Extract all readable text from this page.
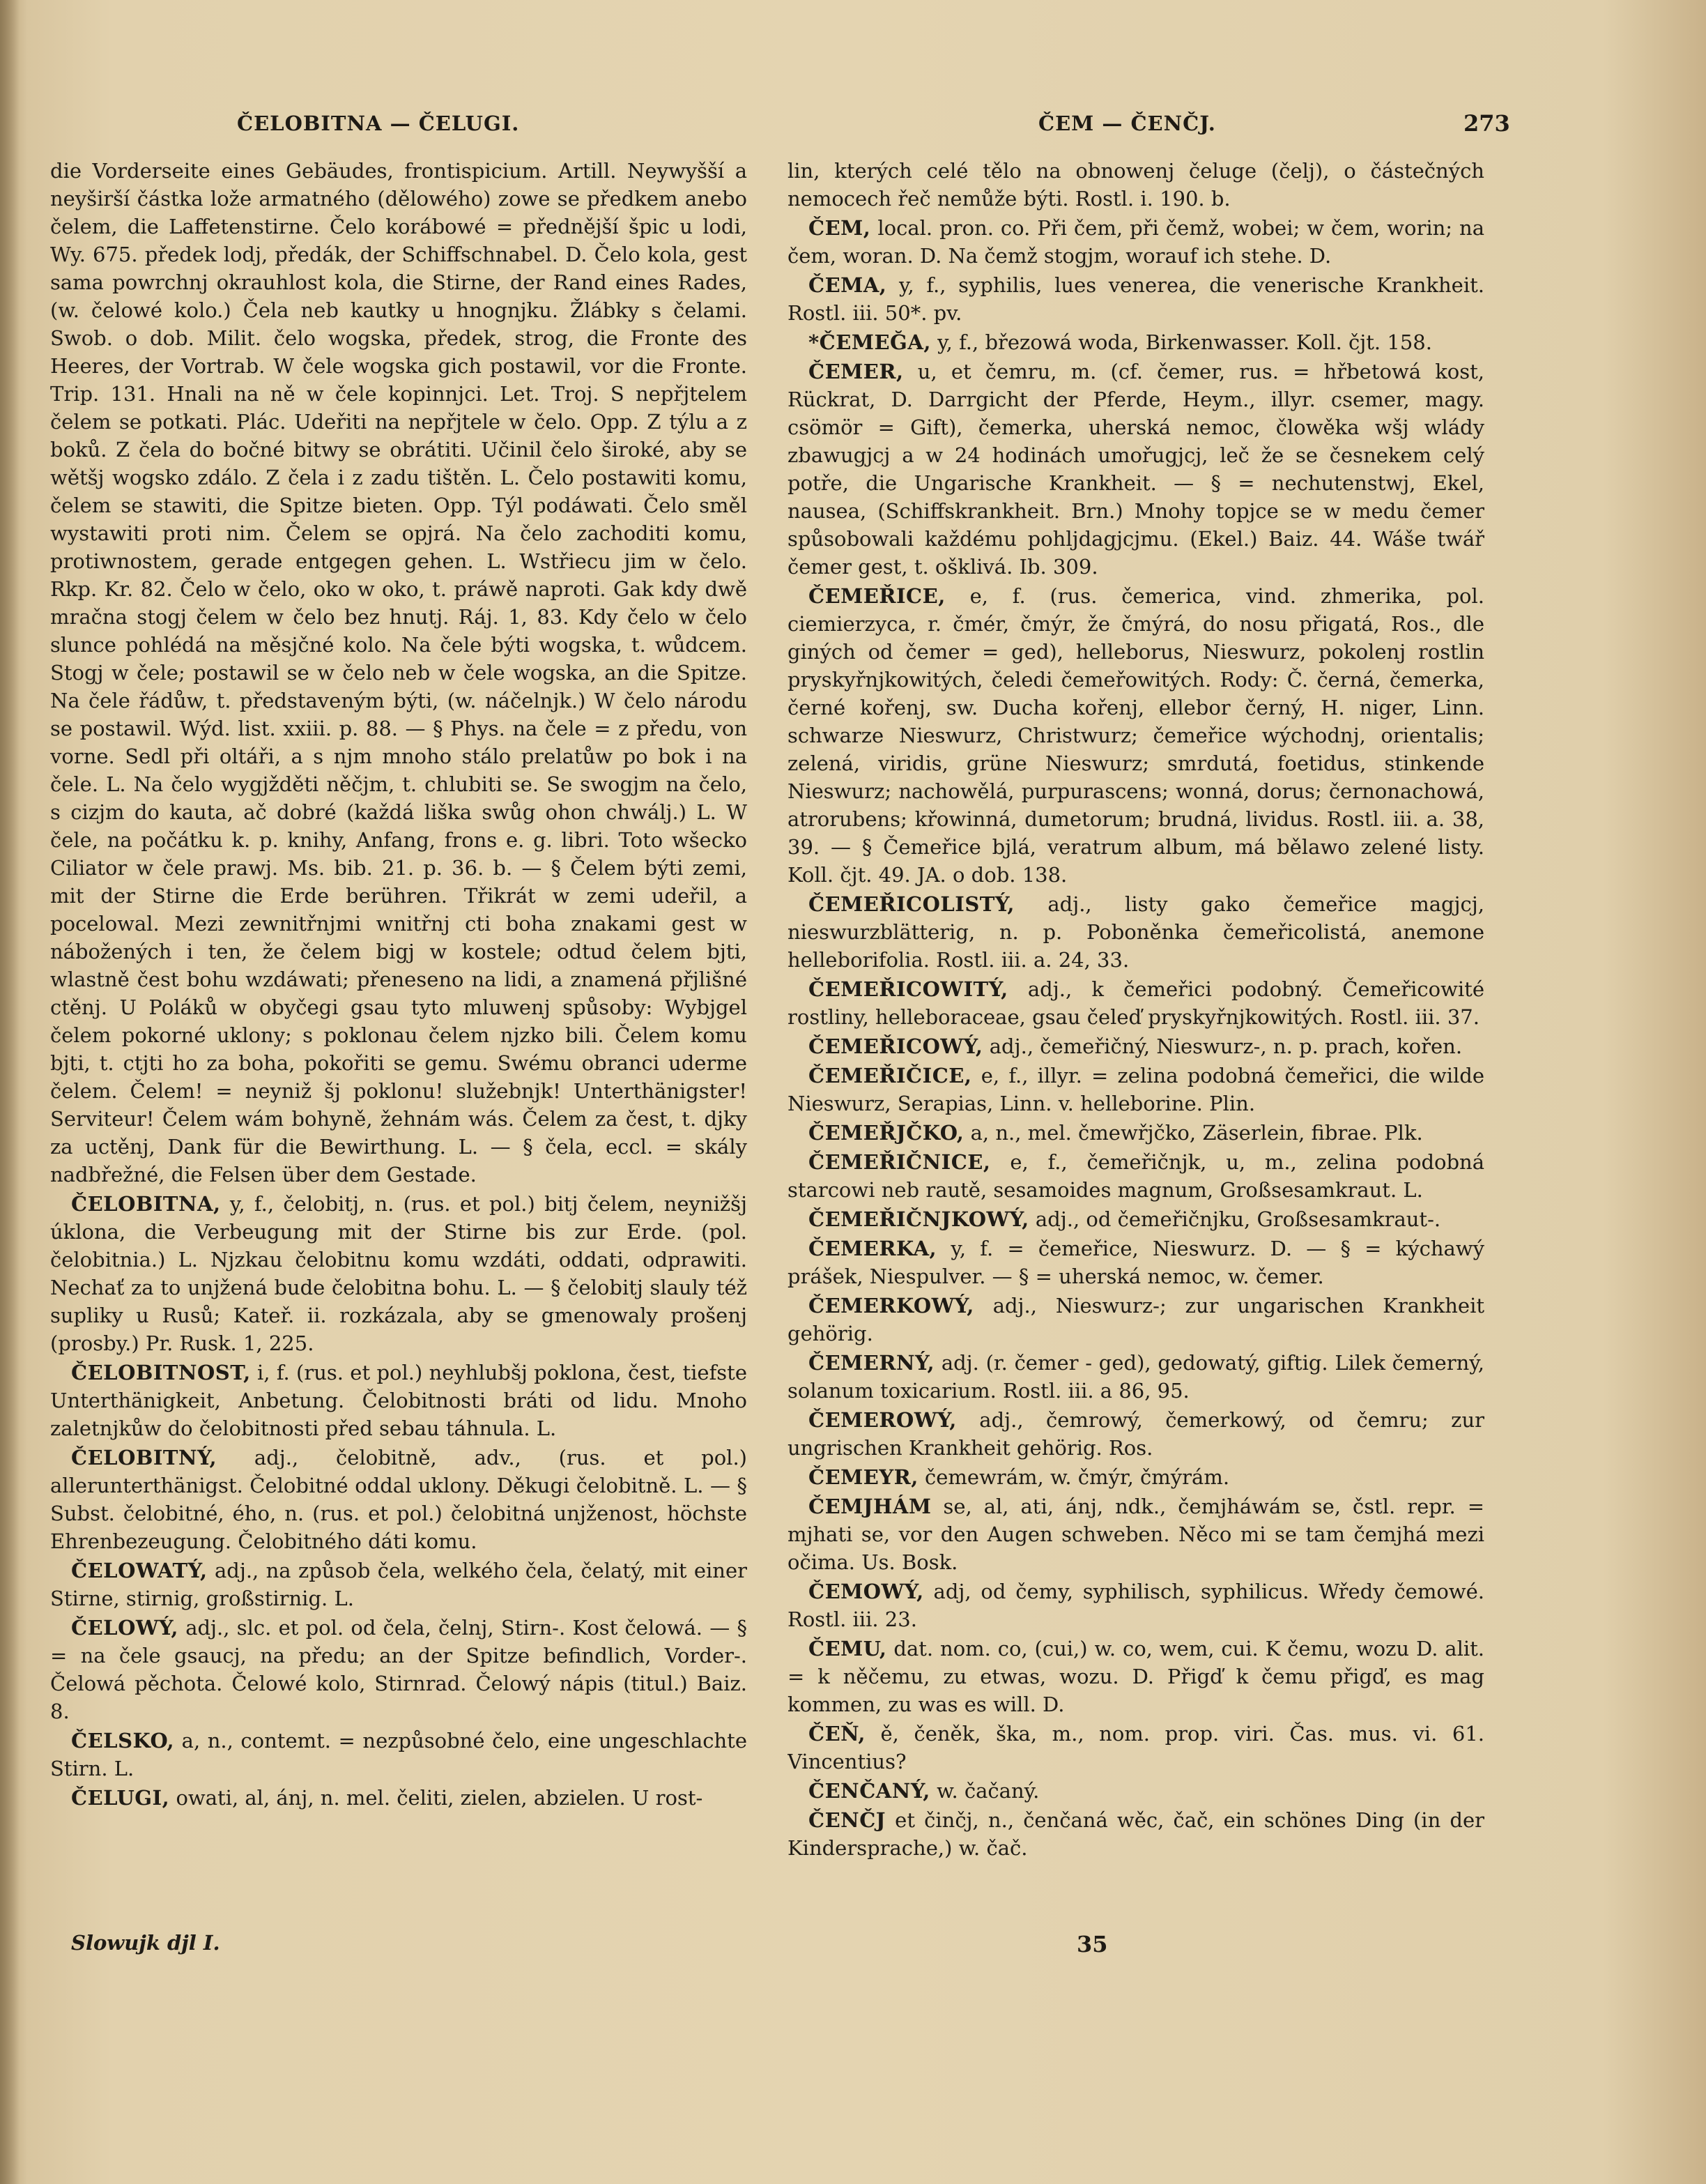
ČELOBITNA — ČELUGI.	ČEM — ČENČJ.	273

die Vorderseite eines Gebäudes, frontispicium. Artill. Neywyšší a neyširší částka lože armatného (dělowého) zowe se předkem anebo čelem, die Laffetenstirne. Čelo korábowé = přednější špic u lodi, Wy. 675. předek lodj, předák, der Schiffschnabel. D. Čelo kola, gest sama powrchnj okrauhlost kola, die Stirne, der Rand eines Rades, (w. čelowé kolo.) Čela neb kautky u hnognjku. Žlábky s čelami. Swob. o dob. Milit. čelo wogska, předek, strog, die Fronte des Heeres, der Vortrab. W čele wogska gich postawil, vor die Fronte. Trip. 131. Hnali na ně w čele kopinnjci. Let. Troj. S nepřjtelem čelem se potkati. Plác. Udeřiti na nepřjtele w čelo. Opp. Z týlu a z boků. Z čela do bočné bitwy se obrátiti. Učinil čelo široké, aby se wětšj wogsko zdálo. Z čela i z zadu tištěn. L. Čelo postawiti komu, čelem se stawiti, die Spitze bieten. Opp. Týl podáwati. Čelo směl wystawiti proti nim. Čelem se opjrá. Na čelo zachoditi komu, protiwnostem, gerade entgegen gehen. L. Wstřiecu jim w čelo. Rkp. Kr. 82. Čelo w čelo, oko w oko, t. práwě naproti. Gak kdy dwě mračna stogj čelem w čelo bez hnutj. Ráj. 1, 83. Kdy čelo w čelo slunce pohlédá na měsjčné kolo. Na čele býti wogska, t. wůdcem. Stogj w čele; postawil se w čelo neb w čele wogska, an die Spitze. Na čele řádůw, t. představeným býti, (w. náčelnjk.) W čelo národu se postawil. Wýd. list. xxiii. p. 88. — § Phys. na čele = z předu, von vorne. Sedl při oltáři, a s njm mnoho stálo prelatůw po bok i na čele. L. Na čelo wygjžděti něčjm, t. chlubiti se. Se swogjm na čelo, s cizjm do kauta, ač dobré (každá liška swůg ohon chwálj.) L. W čele, na počátku k. p. knihy, Anfang, frons e. g. libri. Toto wšecko Ciliator w čele prawj. Ms. bib. 21. p. 36. b. — § Čelem býti zemi, mit der Stirne die Erde berühren. Třikrát w zemi udeřil, a pocelowal. Mezi zewnitřnjmi wnitřnj cti boha znakami gest w nábožených i ten, že čelem bigj w kostele; odtud čelem bjti, wlastně čest bohu wzdáwati; přeneseno na lidi, a znamená přjlišné ctěnj. U Poláků w obyčegi gsau tyto mluwenj spůsoby: Wybjgel čelem pokorné uklony; s poklonau čelem njzko bili. Čelem komu bjti, t. ctjti ho za boha, pokořiti se gemu. Swému obranci uderme čelem. Čelem! = neyniž šj poklonu! služebnjk! Unterthänigster! Serviteur! Čelem wám bohyně, žehnám wás. Čelem za čest, t. djky za uctěnj, Dank für die Bewirthung. L. — § čela, eccl. = skály nadbřežné, die Felsen über dem Gestade.

ČELOBITNA, y, f., čelobitj, n. (rus. et pol.) bitj čelem, neynižšj úklona, die Verbeugung mit der Stirne bis zur Erde. (pol. čelobitnia.) L. Njzkau čelobitnu komu wzdáti, oddati, odprawiti. Nechať za to unjžená bude čelobitna bohu. L. — § čelobitj slauly též supliky u Rusů; Kateř. ii. rozkázala, aby se gmenowaly prošenj (prosby.) Pr. Rusk. 1, 225.

ČELOBITNOST, i, f. (rus. et pol.) neyhlubšj poklona, čest, tiefste Unterthänigkeit, Anbetung. Čelobitnosti bráti od lidu. Mnoho zaletnjkůw do čelobitnosti před sebau táhnula. L.

ČELOBITNÝ, adj., čelobitně, adv., (rus. et pol.) allerunterthänigst. Čelobitné oddal uklony. Děkugi čelobitně. L. — § Subst. čelobitné, ého, n. (rus. et pol.) čelobitná unjženost, höchste Ehrenbezeugung. Čelobitného dáti komu.

ČELOWATÝ, adj., na způsob čela, welkého čela, čelatý, mit einer Stirne, stirnig, großstirnig. L.

ČELOWÝ, adj., slc. et pol. od čela, čelnj, Stirn-. Kost čelowá. — § = na čele gsaucj, na předu; an der Spitze befindlich, Vorder-. Čelowá pěchota. Čelowé kolo, Stirnrad. Čelowý nápis (titul.) Baiz. 8.

ČELSKO, a, n., contemt. = nezpůsobné čelo, eine ungeschlachte Stirn. L.

ČELUGI, owati, al, ánj, n. mel. čeliti, zielen, abzielen. U rost-

lin, kterých celé tělo na obnowenj čeluge (čelj), o částečných nemocech řeč nemůže býti. Rostl. i. 190. b.

ČEM, local. pron. co. Při čem, při čemž, wobei; w čem, worin; na čem, woran. D. Na čemž stogjm, worauf ich stehe. D.

ČEMA, y, f., syphilis, lues venerea, die venerische Krankheit. Rostl. iii. 50*. pv.

*ČEMEĞA, y, f., březowá woda, Birkenwasser. Koll. čjt. 158.

ČEMER, u, et čemru, m. (cf. čemer, rus. = hřbetowá kost, Rückrat, D. Darrgicht der Pferde, Heym., illyr. csemer, magy. csömör = Gift), čemerka, uherská nemoc, člowěka wšj wlády zbawugjcj a w 24 hodinách umořugjcj, leč že se česnekem celý potře, die Ungarische Krankheit. — § = nechutenstwj, Ekel, nausea, (Schiffskrankheit. Brn.) Mnohy topjce se w medu čemer spůsobowali každému pohljdagjcjmu. (Ekel.) Baiz. 44. Wáše twář čemer gest, t. ošklivá. Ib. 309.

ČEMEŘICE, e, f. (rus. čemerica, vind. zhmerika, pol. ciemierzyca, r. čmér, čmýr, že čmýrá, do nosu přigatá, Ros., dle giných od čemer = ged), helleborus, Nieswurz, pokolenj rostlin pryskyřnjkowitých, čeledi čemeřowitých. Rody: Č. černá, čemerka, černé kořenj, sw. Ducha kořenj, ellebor černý, H. niger, Linn. schwarze Nieswurz, Christwurz; čemeřice wýchodnj, orientalis; zelená, viridis, grüne Nieswurz; smrdutá, foetidus, stinkende Nieswurz; nachowělá, purpurascens; wonná, dorus; černonachowá, atrorubens; křowinná, dumetorum; brudná, lividus. Rostl. iii. a. 38, 39. — § Čemeřice bjlá, veratrum album, má bělawo zelené listy. Koll. čjt. 49. JA. o dob. 138.

ČEMEŘICOLISTÝ, adj., listy gako čemeřice magjcj, nieswurzblätterig, n. p. Poboněnka čemeřicolistá, anemone helleborifolia. Rostl. iii. a. 24, 33.

ČEMEŘICOWITÝ, adj., k čemeřici podobný. Čemeřicowité rostliny, helleboraceae, gsau čeleď pryskyřnjkowitých. Rostl. iii. 37.

ČEMEŘICOWÝ, adj., čemeřičný, Nieswurz-, n. p. prach, kořen.

ČEMEŘIČICE, e, f., illyr. = zelina podobná čemeřici, die wilde Nieswurz, Serapias, Linn. v. helleborine. Plin.

ČEMEŘJČKO, a, n., mel. čmewřjčko, Zäserlein, fibrae. Plk.

ČEMEŘIČNICE, e, f., čemeřičnjk, u, m., zelina podobná starcowi neb rautě, sesamoides magnum, Großsesamkraut. L.

ČEMEŘIČNJKOWÝ, adj., od čemeřičnjku, Großsesamkraut-.

ČEMERKA, y, f. = čemeřice, Nieswurz. D. — § = kýchawý prášek, Niespulver. — § = uherská nemoc, w. čemer.

ČEMERKOWÝ, adj., Nieswurz-; zur ungarischen Krankheit gehörig.

ČEMERNÝ, adj. (r. čemer - ged), gedowatý, giftig. Lilek čemerný, solanum toxicarium. Rostl. iii. a 86, 95.

ČEMEROWÝ, adj., čemrowý, čemerkowý, od čemru; zur ungrischen Krankheit gehörig. Ros.

ČEMEYR, čemewrám, w. čmýr, čmýrám.

ČEMJHÁM se, al, ati, ánj, ndk., čemjháwám se, čstl. repr. = mjhati se, vor den Augen schweben. Něco mi se tam čemjhá mezi očima. Us. Bosk.

ČEMOWÝ, adj, od čemy, syphilisch, syphilicus. Wředy čemowé. Rostl. iii. 23.

ČEMU, dat. nom. co, (cui,) w. co, wem, cui. K čemu, wozu D. alit. = k něčemu, zu etwas, wozu. D. Přigď k čemu přigď, es mag kommen, zu was es will. D.

ČEŇ, ě, čeněk, ška, m., nom. prop. viri. Čas. mus. vi. 61. Vincentius?

ČENČANÝ, w. čačaný.

ČENČJ et činčj, n., čenčaná wěc, čač, ein schönes Ding (in der Kindersprache,) w. čač.

Slowujk djl I.	35
